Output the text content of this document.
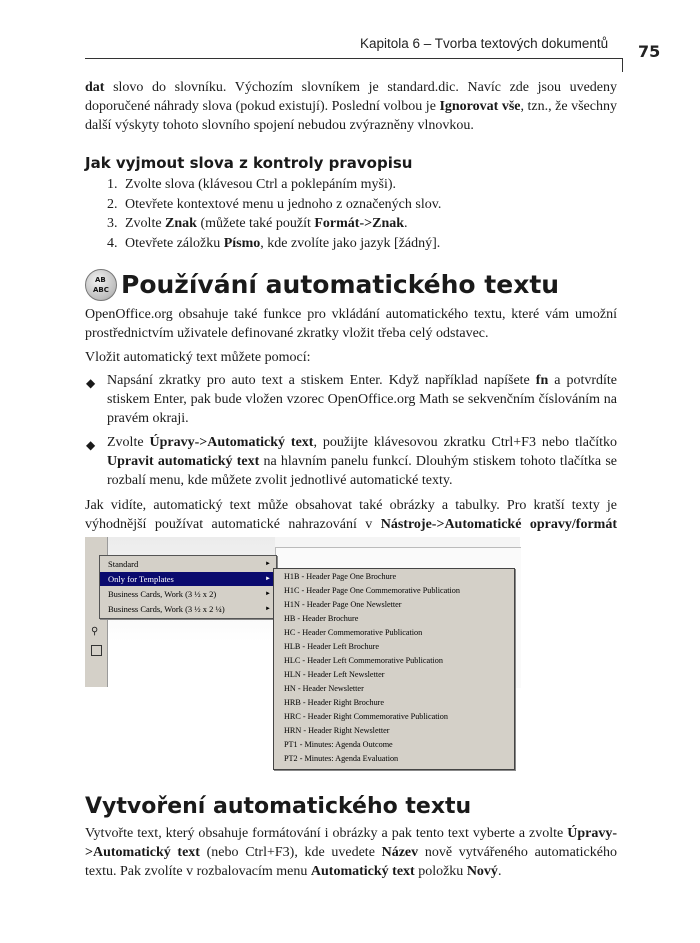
Kapitola 6 – Tvorba textových dokumentů 75

dat slovo do slovníku. Výchozím slovníkem je standard.dic. Navíc zde jsou uvedeny doporučené náhrady slova (pokud existují). Poslední volbou je Ignorovat vše, tzn., že všechny další výskyty tohoto slovního spojení nebudou zvýrazněny vlnovkou.

Jak vyjmout slova z kontroly pravopisu
1. Zvolte slova (klávesou Ctrl a poklepáním myši).
2. Otevřete kontextové menu u jednoho z označených slov.
3. Zvolte Znak (můžete také použít Formát->Znak.
4. Otevřete záložku Písmo, kde zvolíte jako jazyk [žádný].
AB
ABC Používání automatického textu

OpenOffice.org obsahuje také funkce pro vkládání automatického textu, které vám umožní prostřednictvím uživatele definované zkratky vložit třeba celý odstavec.

Vložit automatický text můžete pomocí:

◆ Napsání zkratky pro auto text a stiskem Enter. Když například napíšete fn a potvrdíte stiskem Enter, pak bude vložen vzorec OpenOffice.org Math se sekvenčním číslováním na pravém okraji.
◆ Zvolte Úpravy->Automatický text, použijte klávesovou zkratku Ctrl+F3 nebo tlačítko Upravit automatický text na hlavním panelu funkcí. Dlouhým stiskem tohoto tlačítka se rozbalí menu, kde můžete zvolit jednotlivé automatické texty.

Jak vidíte, automatický text může obsahovat také obrázky a tabulky. Pro kratší texty je výhodnější používat automatické nahrazování v Nástroje->Automatické opravy/formát

⚲
Standard	►
Only for Templates	►
Business Cards, Work (3 ½ x 2)	►
Business Cards, Work (3 ½ x 2 ¼)	►
H1B - Header Page One Brochure
H1C - Header Page One Commemorative Publication
H1N - Header Page One Newsletter
HB - Header Brochure
HC - Header Commemorative Publication
HLB - Header Left Brochure
HLC - Header Left Commemorative Publication
HLN - Header Left Newsletter
HN - Header Newsletter
HRB - Header Right Brochure
HRC - Header Right Commemorative Publication
HRN - Header Right Newsletter
PT1 - Minutes: Agenda Outcome
PT2 - Minutes: Agenda Evaluation
Vytvoření automatického textu

Vytvořte text, který obsahuje formátování i obrázky a pak tento text vyberte a zvolte Úpravy->Automatický text (nebo Ctrl+F3), kde uvedete Název nově vytvářeného automatického textu. Pak zvolíte v rozbalovacím menu Automatický text položku Nový.
